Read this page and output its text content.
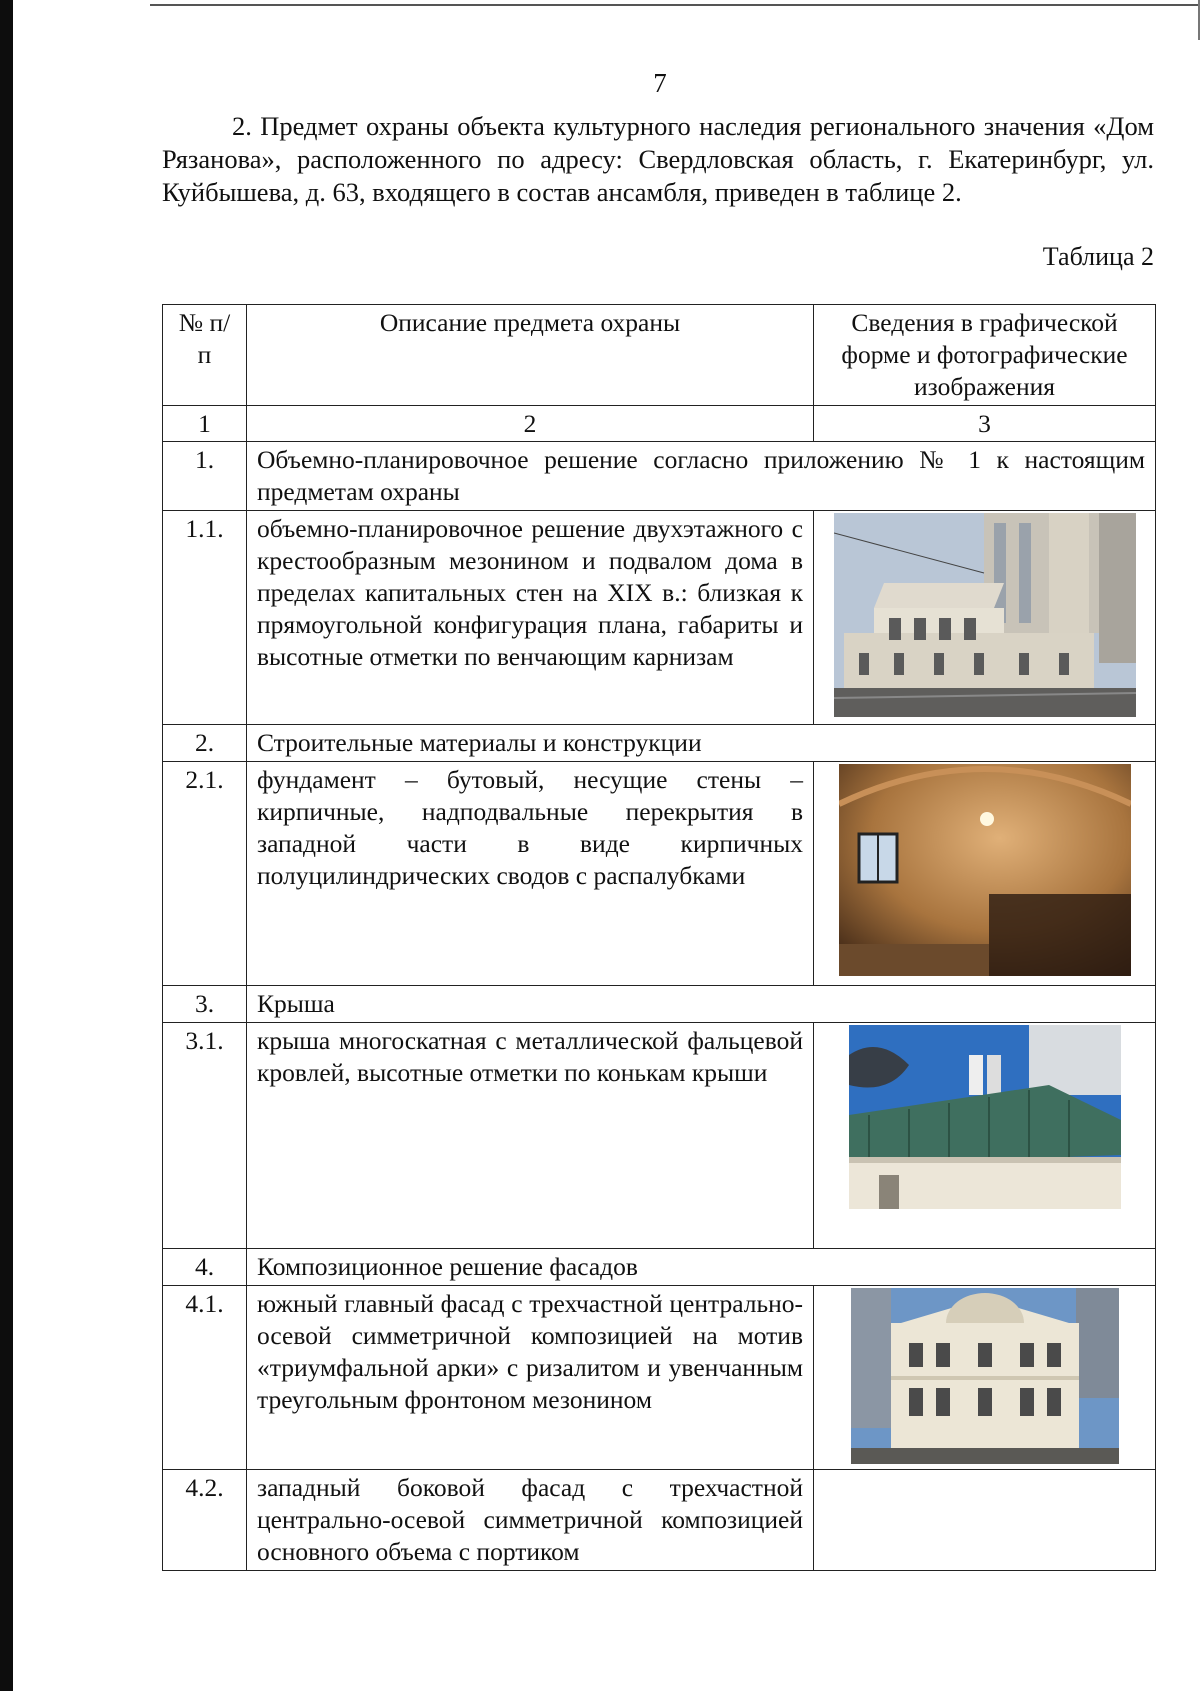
7
2. Предмет охраны объекта культурного наследия регионального значения «Дом Рязанова», расположенного по адресу: Свердловская область, г. Екатеринбург, ул. Куйбышева, д. 63, входящего в состав ансамбля, приведен в таблице 2.
Таблица 2
№ п/п	Описание предмета охраны	Сведения в графической форме и фотографические изображения
1	2	3
1.	Объемно-планировочное решение согласно приложению № 1 к настоящим предметам охраны	
1.1.	объемно-планировочное решение двухэтажного с крестообразным мезонином и подвалом дома в пределах капитальных стен на XIX в.: близкая к прямоугольной конфигурация плана, габариты и высотные отметки по венчающим карнизам	

2.	Строительные материалы и конструкции	
2.1.	фундамент – бутовый, несущие стены – кирпичные, надподвальные перекрытия в западной части в виде кирпичных полуцилиндрических сводов с распалубками	

3.	Крыша	
3.1.	крыша многоскатная с металлической фальцевой кровлей, высотные отметки по конькам крыши	

4.	Композиционное решение фасадов	
4.1.	южный главный фасад с трехчастной центрально-осевой симметричной композицией на мотив «триумфальной арки» с ризалитом и увенчанным треугольным фронтоном мезонином	

4.2.	западный боковой фасад с трехчастной центрально-осевой симметричной композицией основного объема с портиком	
